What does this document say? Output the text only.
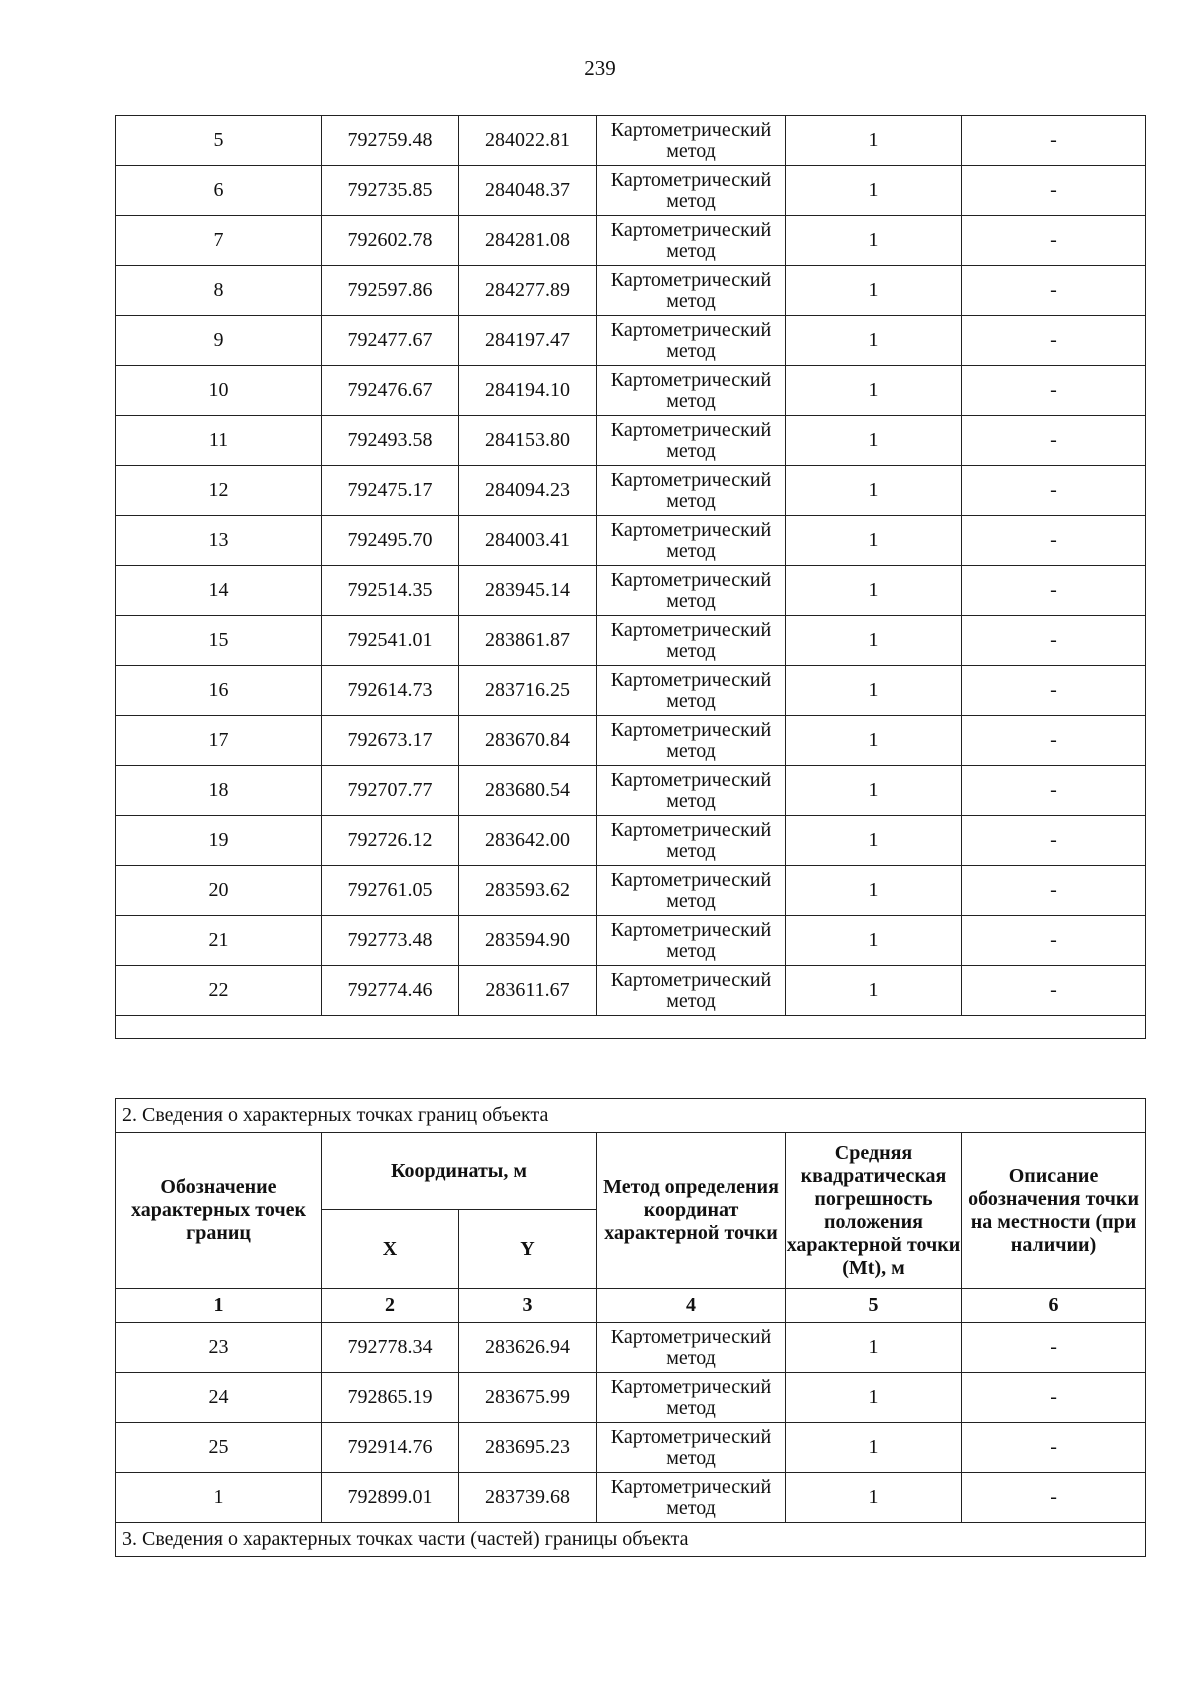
239
5	792759.48	284022.81	Картометрический метод	1	-
6	792735.85	284048.37	Картометрический метод	1	-
7	792602.78	284281.08	Картометрический метод	1	-
8	792597.86	284277.89	Картометрический метод	1	-
9	792477.67	284197.47	Картометрический метод	1	-
10	792476.67	284194.10	Картометрический метод	1	-
11	792493.58	284153.80	Картометрический метод	1	-
12	792475.17	284094.23	Картометрический метод	1	-
13	792495.70	284003.41	Картометрический метод	1	-
14	792514.35	283945.14	Картометрический метод	1	-
15	792541.01	283861.87	Картометрический метод	1	-
16	792614.73	283716.25	Картометрический метод	1	-
17	792673.17	283670.84	Картометрический метод	1	-
18	792707.77	283680.54	Картометрический метод	1	-
19	792726.12	283642.00	Картометрический метод	1	-
20	792761.05	283593.62	Картометрический метод	1	-
21	792773.48	283594.90	Картометрический метод	1	-
22	792774.46	283611.67	Картометрический метод	1	-

2. Сведения о характерных точках границ объекта					
Обозначение характерных точек границ	Координаты, м		Метод определения координат характерной точки	Средняя квадратическая погрешность положения характерной точки (Mt), м	Описание обозначения точки на местности (при наличии)
	X	Y			
1	2	3	4	5	6
23	792778.34	283626.94	Картометрический метод	1	-
24	792865.19	283675.99	Картометрический метод	1	-
25	792914.76	283695.23	Картометрический метод	1	-
1	792899.01	283739.68	Картометрический метод	1	-
3. Сведения о характерных точках части (частей) границы объекта					
